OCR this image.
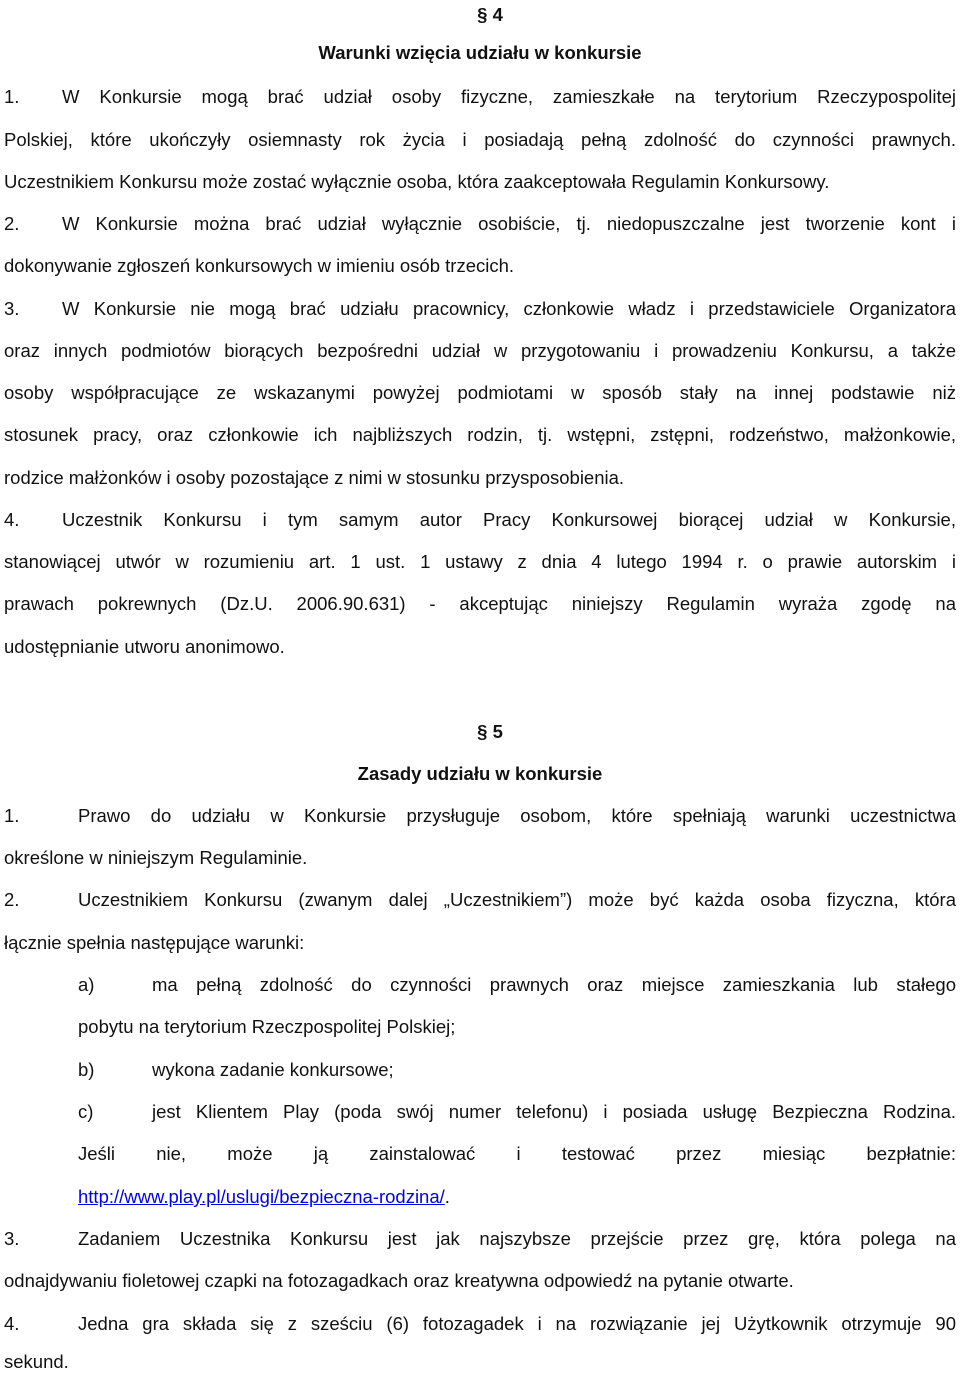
§ 4
Warunki wzięcia udziału w konkursie
1. W Konkursie mogą brać udział osoby fizyczne, zamieszkałe na terytorium Rzeczypospolitej
Polskiej, które ukończyły osiemnasty rok życia i posiadają pełną zdolność do czynności prawnych.
Uczestnikiem Konkursu może zostać wyłącznie osoba, która zaakceptowała Regulamin Konkursowy.
2. W Konkursie można brać udział wyłącznie osobiście, tj. niedopuszczalne jest tworzenie kont i
dokonywanie zgłoszeń konkursowych w imieniu osób trzecich.
3. W Konkursie nie mogą brać udziału pracownicy, członkowie władz i przedstawiciele Organizatora
oraz innych podmiotów biorących bezpośredni udział w przygotowaniu i prowadzeniu Konkursu, a także
osoby współpracujące ze wskazanymi powyżej podmiotami w sposób stały na innej podstawie niż
stosunek pracy, oraz członkowie ich najbliższych rodzin, tj. wstępni, zstępni, rodzeństwo, małżonkowie,
rodzice małżonków i osoby pozostające z nimi w stosunku przysposobienia.
4. Uczestnik Konkursu i tym samym autor Pracy Konkursowej biorącej udział w Konkursie,
stanowiącej utwór w rozumieniu art. 1 ust. 1 ustawy z dnia 4 lutego 1994 r. o prawie autorskim i
prawach pokrewnych (Dz.U. 2006.90.631) - akceptując niniejszy Regulamin wyraża zgodę na
udostępnianie utworu anonimowo.
§ 5
Zasady udziału w konkursie
1.	Prawo do udziału w Konkursie przysługuje osobom, które spełniają warunki uczestnictwa
określone w niniejszym Regulaminie.
2.	Uczestnikiem Konkursu (zwanym dalej „Uczestnikiem”) może być każda osoba fizyczna, która
łącznie spełnia następujące warunki:
a)	ma pełną zdolność do czynności prawnych oraz miejsce zamieszkania lub stałego
pobytu na terytorium Rzeczpospolitej Polskiej;
b)	wykona zadanie konkursowe;
c)	jest Klientem Play (poda swój numer telefonu) i posiada usługę Bezpieczna Rodzina.
Jeśli nie, może ją zainstalować i testować przez miesiąc bezpłatnie:
http://www.play.pl/uslugi/bezpieczna-rodzina/.
3.	Zadaniem Uczestnika Konkursu jest jak najszybsze przejście przez grę, która polega na
odnajdywaniu fioletowej czapki na fotozagadkach oraz kreatywna odpowiedź na pytanie otwarte.
4.	Jedna gra składa się z sześciu (6) fotozagadek i na rozwiązanie jej Użytkownik otrzymuje 90
sekund.
